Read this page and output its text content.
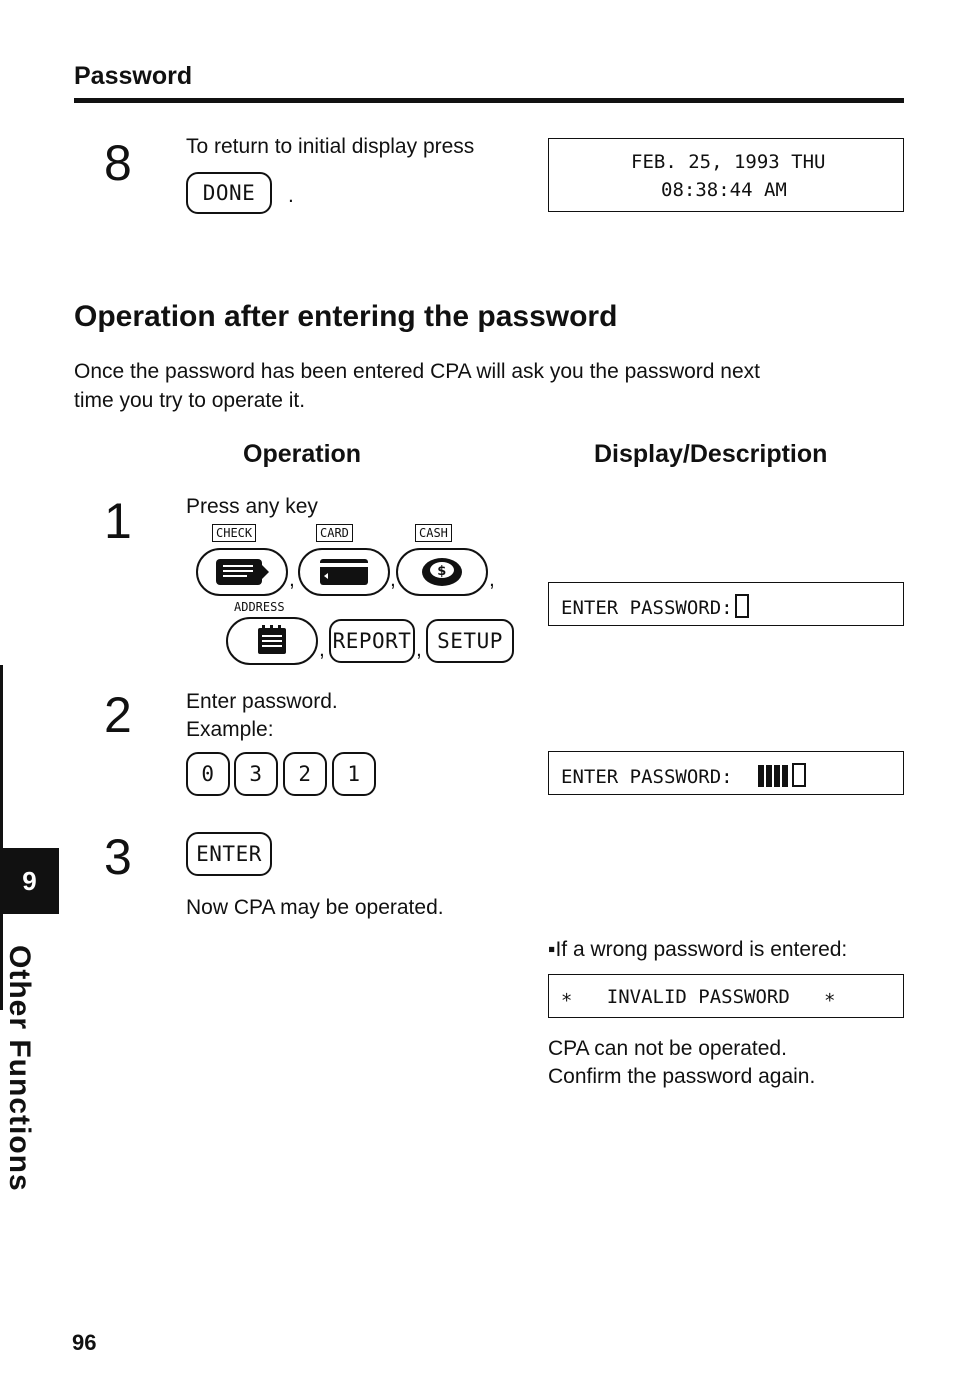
Password
8	To return to initial display press
DONE	.
FEB. 25, 1993 THU
08:38:44 AM
Operation after entering the password
Once the password has been entered CPA will ask you the password next
time you try to operate it.
Operation	Display/Description
1	Press any key
CHECK	CARD	CASH
,	,	$ ,
ADDRESS
, REPORT , SETUP
ENTER PASSWORD:
2	Enter password.
Example:
0	3	2	1	ENTER PASSWORD:
3	ENTER
Now CPA may be operated.
▪If a wrong password is entered:
∗   INVALID PASSWORD   ∗
CPA can not be operated.
Confirm the password again.
9
Other Functions
96
